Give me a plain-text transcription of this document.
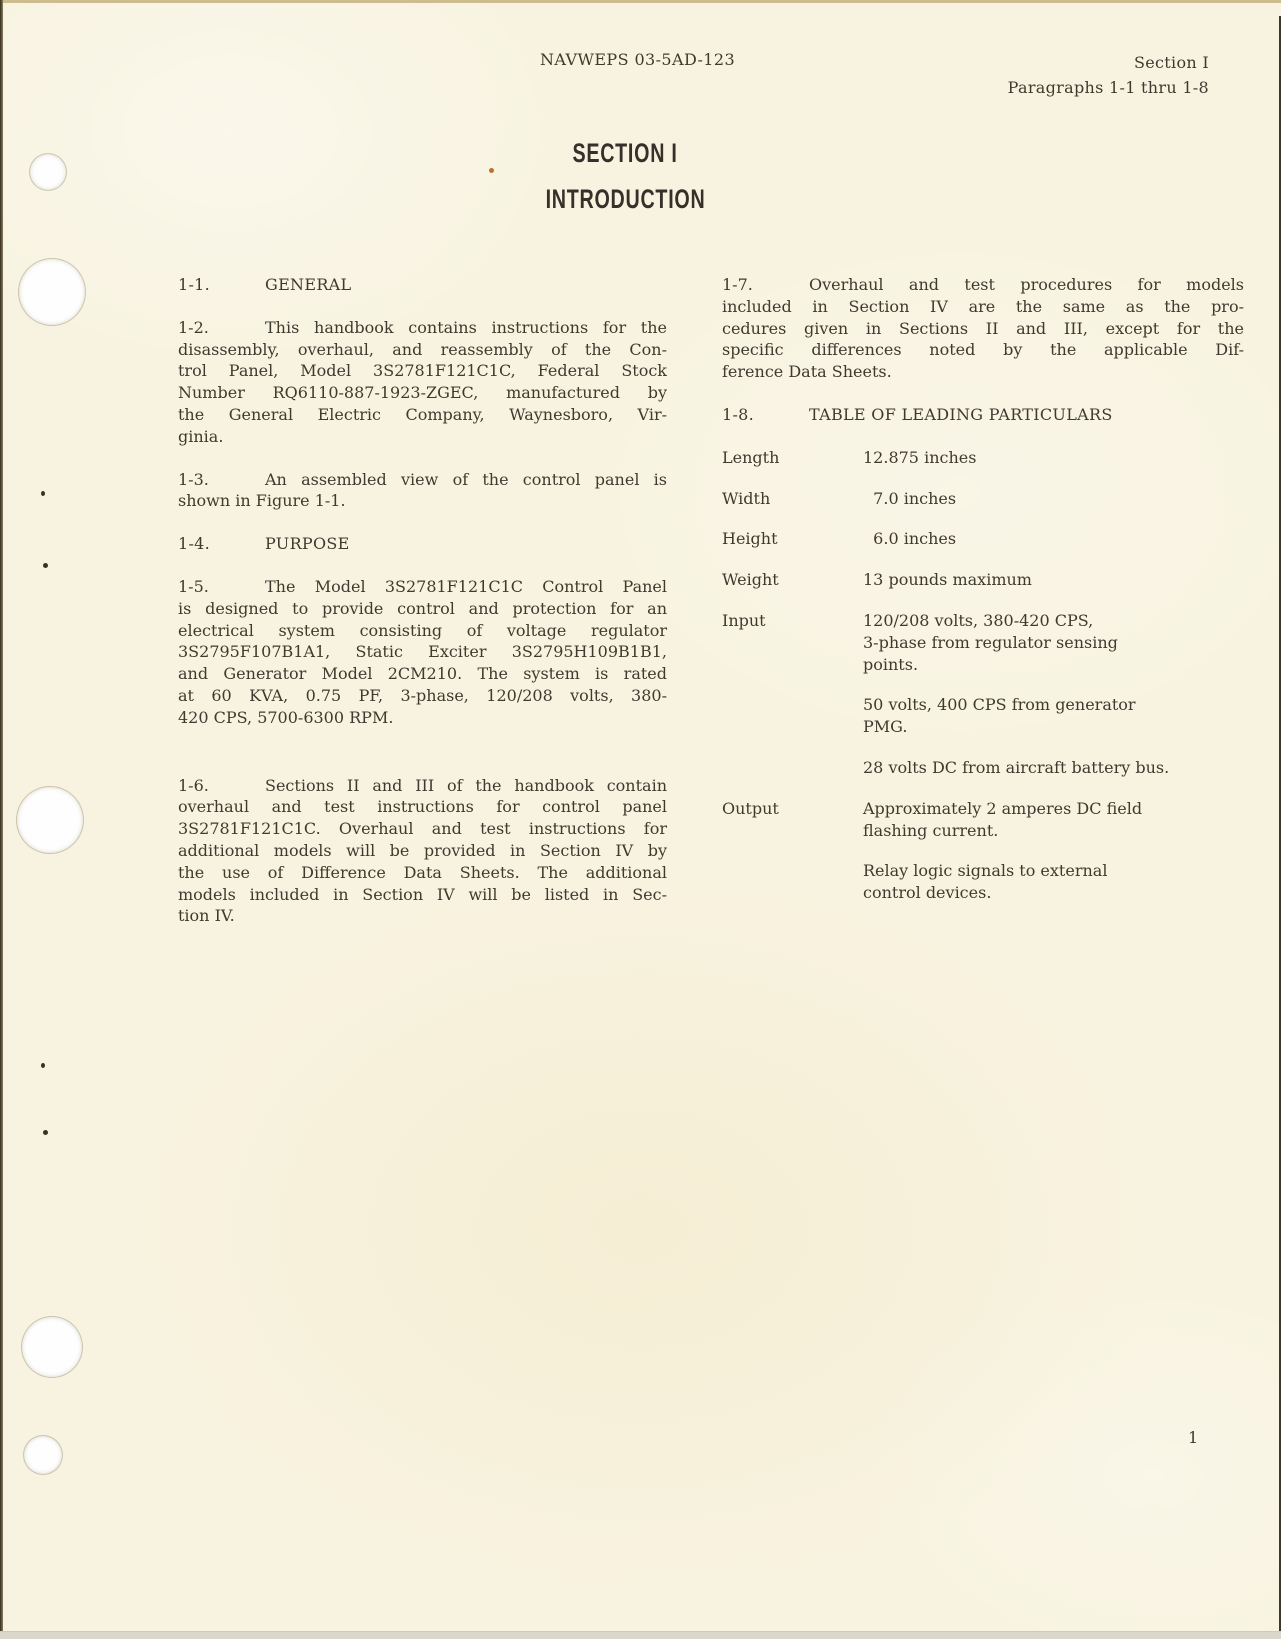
NAVWEPS 03-5AD-123	Section I
Paragraphs 1-1 thru 1-8
SECTION I
INTRODUCTION
1-1.	GENERAL
1-2.	This handbook contains instructions for the
disassembly, overhaul, and reassembly of the Con-
trol Panel, Model 3S2781F121C1C, Federal Stock
Number RQ6110-887-1923-ZGEC, manufactured by
the General Electric Company, Waynesboro, Vir-
ginia.
1-3.	An assembled view of the control panel is
shown in Figure 1-1.
1-4.	PURPOSE
1-5.	The Model 3S2781F121C1C Control Panel
is designed to provide control and protection for an
electrical system consisting of voltage regulator
3S2795F107B1A1, Static Exciter 3S2795H109B1B1,
and Generator Model 2CM210. The system is rated
at 60 KVA, 0.75 PF, 3-phase, 120/208 volts, 380-
420 CPS, 5700-6300 RPM.
1-6.	Sections II and III of the handbook contain
overhaul and test instructions for control panel
3S2781F121C1C. Overhaul and test instructions for
additional models will be provided in Section IV by
the use of Difference Data Sheets. The additional
models included in Section IV will be listed in Sec-
tion IV.
1-7.	Overhaul and test procedures for models
included in Section IV are the same as the pro-
cedures given in Sections II and III, except for the
specific differences noted by the applicable Dif-
ference Data Sheets.
1-8.	TABLE OF LEADING PARTICULARS
Length	12.875 inches
Width	7.0 inches
Height	6.0 inches
Weight	13 pounds maximum
Input	120/208 volts, 380-420 CPS,
3-phase from regulator sensing
points.
50 volts, 400 CPS from generator
PMG.
28 volts DC from aircraft battery bus.
Output	Approximately 2 amperes DC field
flashing current.
Relay logic signals to external
control devices.
1
